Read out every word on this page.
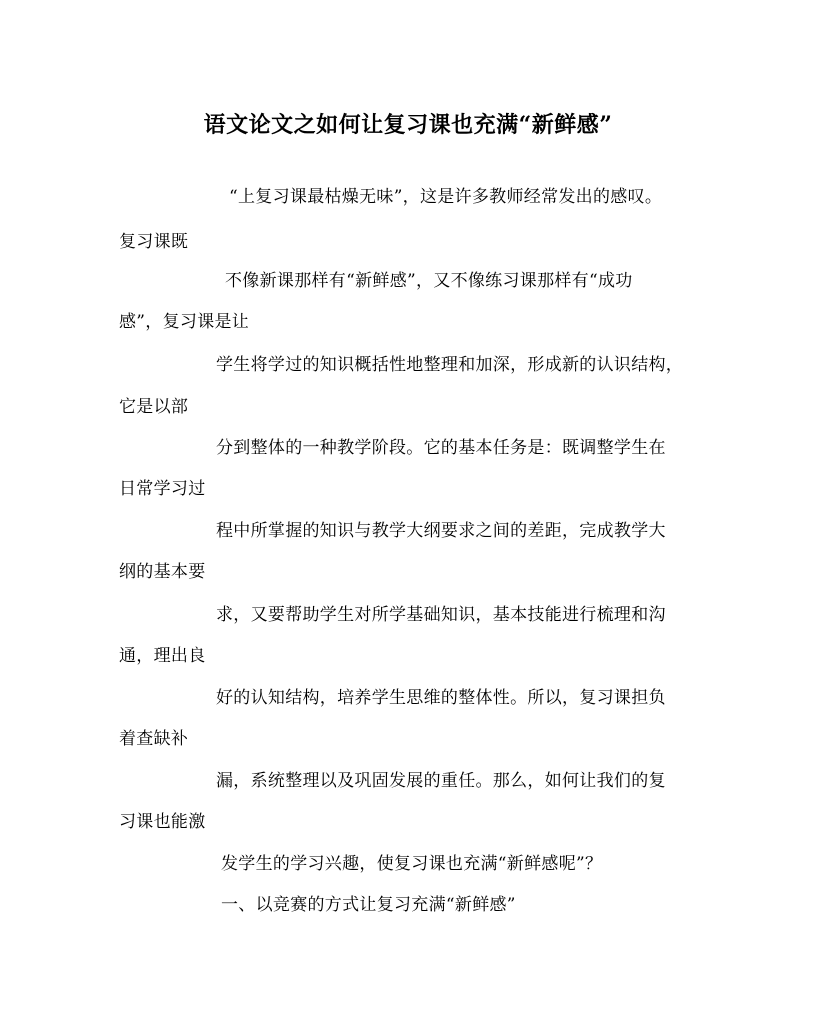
语文论文之如何让复习课也充满“新鲜感”
“上复习课最枯燥无味”，这是许多教师经常发出的感叹。
复习课既
不像新课那样有“新鲜感”，又不像练习课那样有“成功
感”，复习课是让
学生将学过的知识概括性地整理和加深，形成新的认识结构，
它是以部
分到整体的一种教学阶段。它的基本任务是：既调整学生在
日常学习过
程中所掌握的知识与教学大纲要求之间的差距，完成教学大
纲的基本要
求，又要帮助学生对所学基础知识，基本技能进行梳理和沟
通，理出良
好的认知结构，培养学生思维的整体性。所以，复习课担负
着查缺补
漏，系统整理以及巩固发展的重任。那么，如何让我们的复
习课也能激
发学生的学习兴趣，使复习课也充满“新鲜感呢”？
一、以竞赛的方式让复习充满“新鲜感”
